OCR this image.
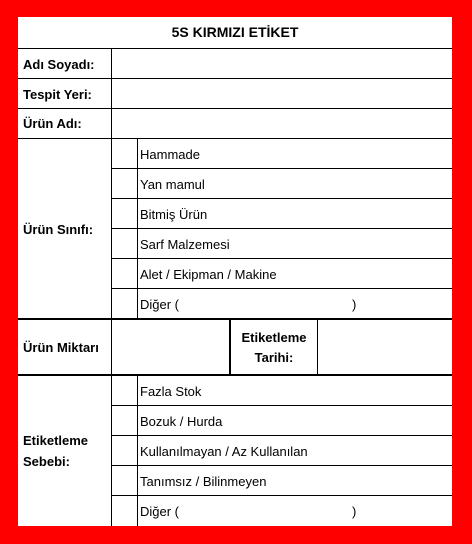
5S KIRMIZI ETİKET
Adı Soyadı:
Tespit Yeri:
Ürün Adı:
Ürün Sınıfı:
Hammade
Yan mamul
Bitmiş Ürün
Sarf Malzemesi
Alet / Ekipman / Makine
Diğer (	)
Ürün Miktarı
Etiketleme
Tarihi:
Etiketleme
Sebebi:
Fazla Stok
Bozuk / Hurda
Kullanılmayan / Az Kullanılan
Tanımsız / Bilinmeyen
Diğer (	)
